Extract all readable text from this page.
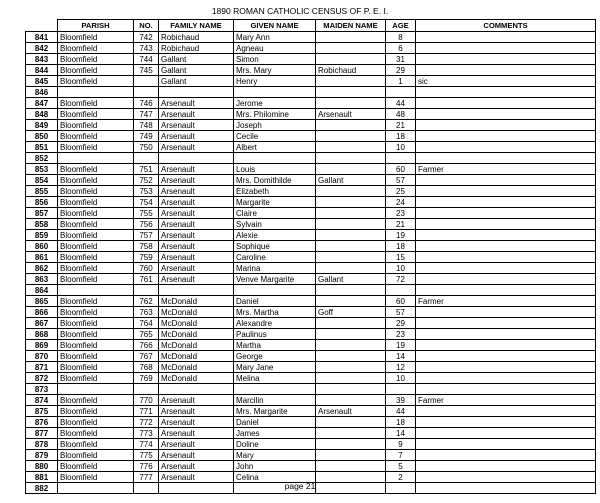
1890 ROMAN CATHOLIC CENSUS OF P. E. I.
	PARISH	NO.	FAMILY NAME	GIVEN NAME	MAIDEN NAME	AGE	COMMENTS
841	Bloomfield	742	Robichaud	Mary Ann		8	
842	Bloomfield	743	Robichaud	Agneau		6	
843	Bloomfield	744	Gallant	Simon		31	
844	Bloomfield	745	Gallant	Mrs. Mary	Robichaud	29	
845	Bloomfield		Gallant	Henry		1	sic
846							
847	Bloomfield	746	Arsenault	Jerome		44	
848	Bloomfield	747	Arsenault	Mrs. Philomine	Arsenault	48	
849	Bloomfield	748	Arsenault	Joseph		21	
850	Bloomfield	749	Arsenault	Cecile		18	
851	Bloomfield	750	Arsenault	Albert		10	
852							
853	Bloomfield	751	Arsenault	Louis		60	Farmer
854	Bloomfield	752	Arsenault	Mrs. Domithilde	Gallant	57	
855	Bloomfield	753	Arsenault	Elizabeth		25	
856	Bloomfield	754	Arsenault	Margarite		24	
857	Bloomfield	755	Arsenault	Claire		23	
858	Bloomfield	756	Arsenault	Sylvain		21	
859	Bloomfield	757	Arsenault	Alexie		19	
860	Bloomfield	758	Arsenault	Sophique		18	
861	Bloomfield	759	Arsenault	Caroline		15	
862	Bloomfield	760	Arsenault	Marina		10	
863	Bloomfield	761	Arsenault	Venve Margarite	Gallant	72	
864							
865	Bloomfield	762	McDonald	Daniel		60	Farmer
866	Bloomfield	763	McDonald	Mrs. Martha	Goff	57	
867	Bloomfield	764	McDonald	Alexandre		29	
868	Bloomfield	765	McDonald	Paulinus		23	
869	Bloomfield	766	McDonald	Martha		19	
870	Bloomfield	767	McDonald	George		14	
871	Bloomfield	768	McDonald	Mary Jane		12	
872	Bloomfield	769	McDonald	Melina		10	
873							
874	Bloomfield	770	Arsenault	Marcilin		39	Farmer
875	Bloomfield	771	Arsenault	Mrs. Margarite	Arsenault	44	
876	Bloomfield	772	Arsenault	Daniel		18	
877	Bloomfield	773	Arsenault	James		14	
878	Bloomfield	774	Arsenault	Doline		9	
879	Bloomfield	775	Arsenault	Mary		7	
880	Bloomfield	776	Arsenault	John		5	
881	Bloomfield	777	Arsenault	Celina		2	
882								page 21
